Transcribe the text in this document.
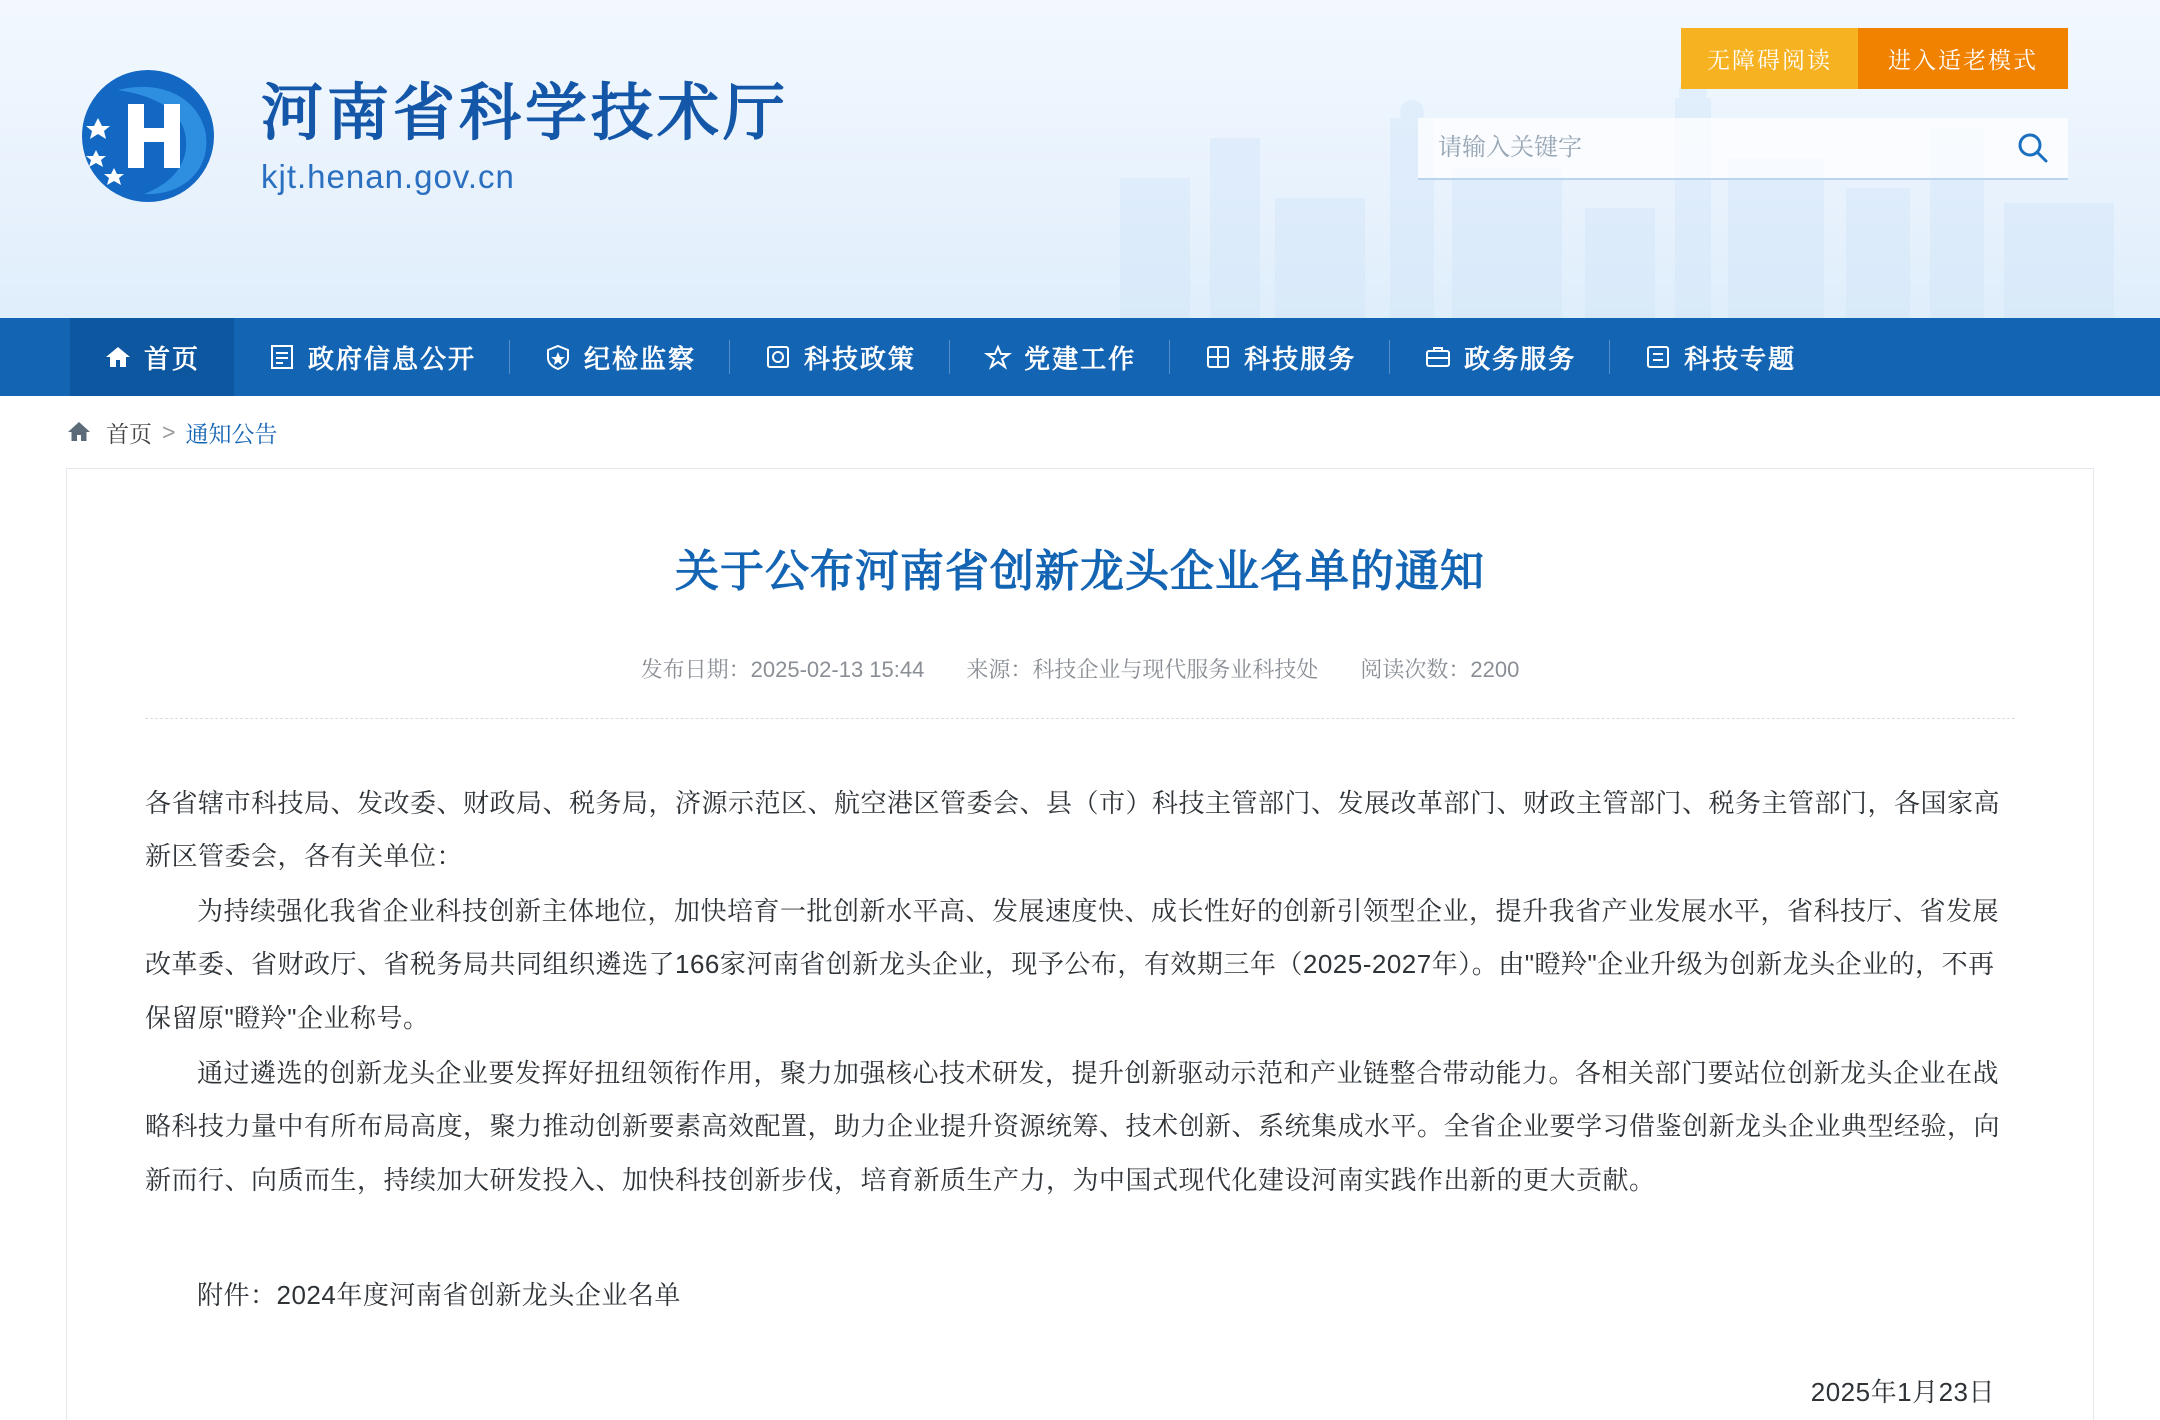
河南省科学技术厅
kjt.henan.gov.cn
无障碍阅读	进入适老模式
请输入关键字
首页	政府信息公开	纪检监察	科技政策	党建工作	科技服务	政务服务	科技专题
首页 > 通知公告
关于公布河南省创新龙头企业名单的通知
发布日期：2025-02-13 15:44 来源：科技企业与现代服务业科技处 阅读次数：2200

各省辖市科技局、发改委、财政局、税务局，济源示范区、航空港区管委会、县（市）科技主管部门、发展改革部门、财政主管部门、税务主管部门，各国家高新区管委会，各有关单位：

为持续强化我省企业科技创新主体地位，加快培育一批创新水平高、发展速度快、成长性好的创新引领型企业，提升我省产业发展水平，省科技厅、省发展改革委、省财政厅、省税务局共同组织遴选了166家河南省创新龙头企业，现予公布，有效期三年（2025-2027年）。由"瞪羚"企业升级为创新龙头企业的，不再保留原"瞪羚"企业称号。

通过遴选的创新龙头企业要发挥好扭纽领衔作用，聚力加强核心技术研发，提升创新驱动示范和产业链整合带动能力。各相关部门要站位创新龙头企业在战略科技力量中有所布局高度，聚力推动创新要素高效配置，助力企业提升资源统筹、技术创新、系统集成水平。全省企业要学习借鉴创新龙头企业典型经验，向新而行、向质而生，持续加大研发投入、加快科技创新步伐，培育新质生产力，为中国式现代化建设河南实践作出新的更大贡献。

附件：2024年度河南省创新龙头企业名单

2025年1月23日
